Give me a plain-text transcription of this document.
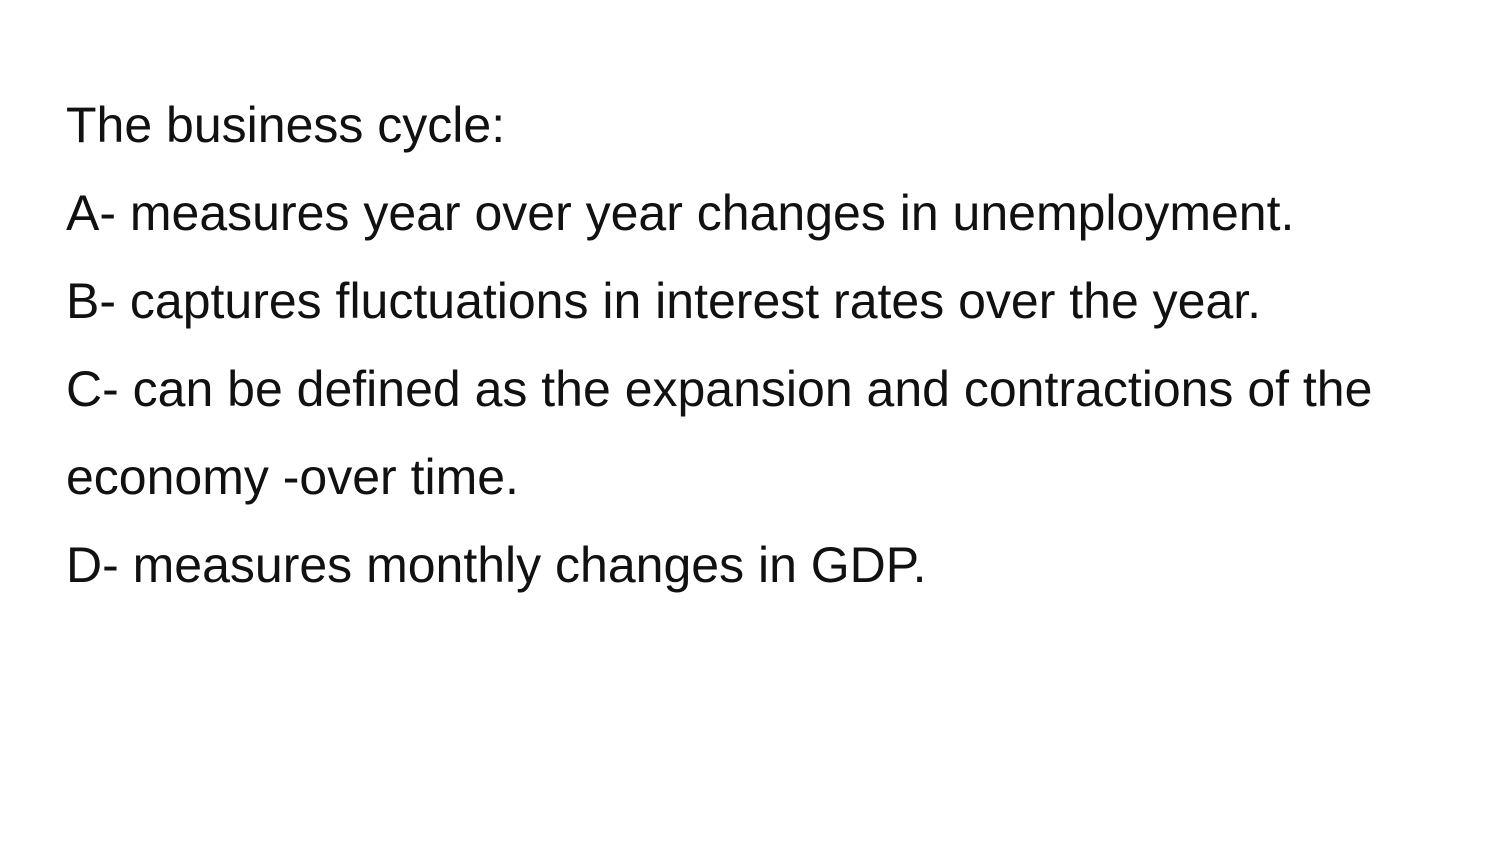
The business cycle:

A- measures year over year changes in unemployment.

B- captures fluctuations in interest rates over the year.

C- can be defined as the expansion and contractions of the economy -over time.

D- measures monthly changes in GDP.
